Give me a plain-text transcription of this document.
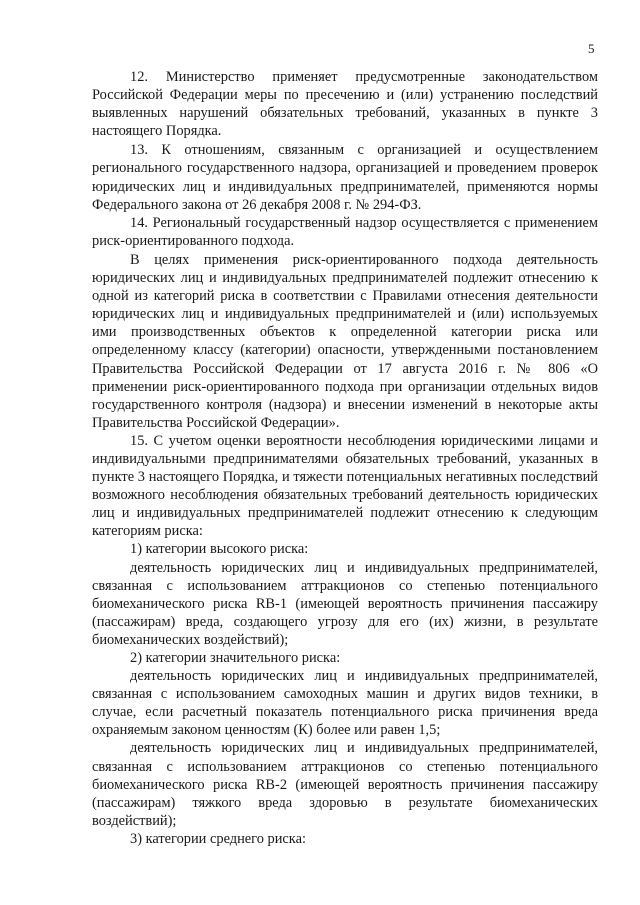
5

12. Министерство применяет предусмотренные законодательством Российской Федерации меры по пресечению и (или) устранению последствий выявленных нарушений обязательных требований, указанных в пункте 3 настоящего Порядка.

13. К отношениям, связанным с организацией и осуществлением регионального государственного надзора, организацией и проведением проверок юридических лиц и индивидуальных предпринимателей, применяются нормы Федерального закона от 26 декабря 2008 г. № 294-ФЗ.

14. Региональный государственный надзор осуществляется с применением риск-ориентированного подхода.

В целях применения риск-ориентированного подхода деятельность юридических лиц и индивидуальных предпринимателей подлежит отнесению к одной из категорий риска в соответствии с Правилами отнесения деятельности юридических лиц и индивидуальных предпринимателей и (или) используемых ими производственных объектов к определенной категории риска или определенному классу (категории) опасности, утвержденными постановлением Правительства Российской Федерации от 17 августа 2016 г. № 806 «О применении риск-ориентированного подхода при организации отдельных видов государственного контроля (надзора) и внесении изменений в некоторые акты Правительства Российской Федерации».

15. С учетом оценки вероятности несоблюдения юридическими лицами и индивидуальными предпринимателями обязательных требований, указанных в пункте 3 настоящего Порядка, и тяжести потенциальных негативных последствий возможного несоблюдения обязательных требований деятельность юридических лиц и индивидуальных предпринимателей подлежит отнесению к следующим категориям риска:

1) категории высокого риска:

деятельность юридических лиц и индивидуальных предпринимателей, связанная с использованием аттракционов со степенью потенциального биомеханического риска RB-1 (имеющей вероятность причинения пассажиру (пассажирам) вреда, создающего угрозу для его (их) жизни, в результате биомеханических воздействий);

2) категории значительного риска:

деятельность юридических лиц и индивидуальных предпринимателей, связанная с использованием самоходных машин и других видов техники, в случае, если расчетный показатель потенциального риска причинения вреда охраняемым законом ценностям (К) более или равен 1,5;

деятельность юридических лиц и индивидуальных предпринимателей, связанная с использованием аттракционов со степенью потенциального биомеханического риска RB-2 (имеющей вероятность причинения пассажиру (пассажирам) тяжкого вреда здоровью в результате биомеханических воздействий);

3) категории среднего риска:
